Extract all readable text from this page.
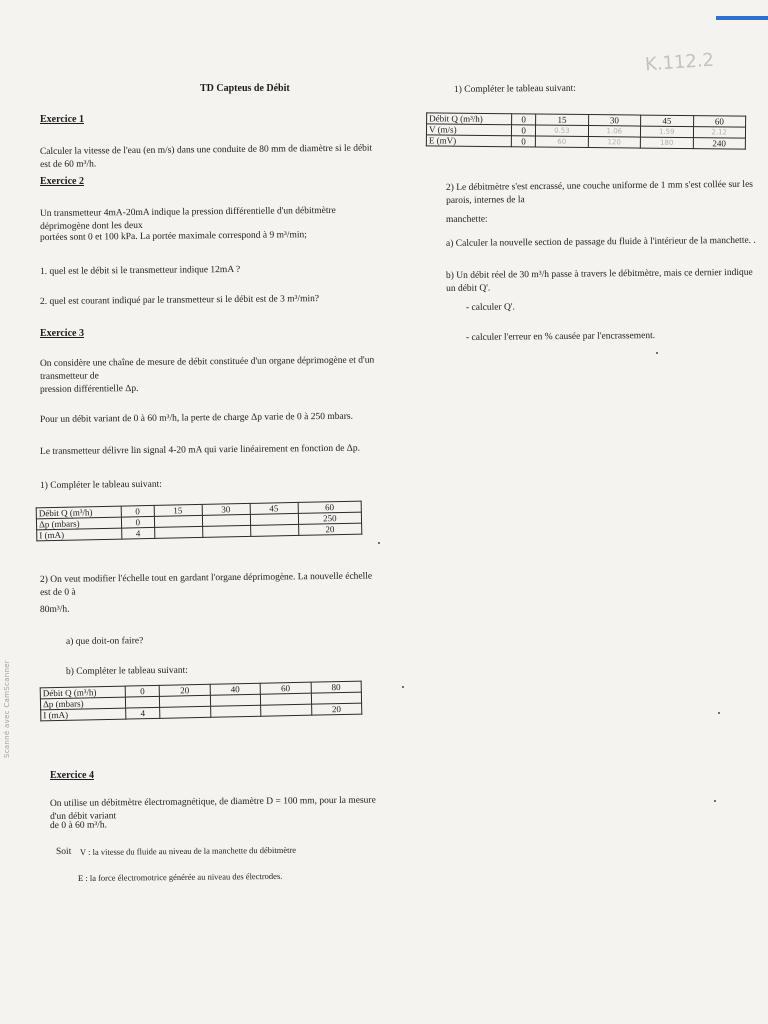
K.112.2
Scanné avec CamScanner
TD Capteus de Débit
Exercice 1
Calculer la vitesse de l'eau (en m/s) dans une conduite de 80 mm de diamètre si le débit est de 60 m³/h.
Exercice 2
Un transmetteur 4mA-20mA indique la pression différentielle d'un débitmètre déprimogène dont les deux
portées sont 0 et 100 kPa. La portée maximale correspond à 9 m³/min;
1. quel est le débit si le transmetteur indique 12mA ?
2. quel est courant indiqué par le transmetteur si le débit est de 3 m³/min?
Exercice 3
On considère une chaîne de mesure de débit constituée d'un organe déprimogène et d'un transmetteur de
pression différentielle Δp.
Pour un débit variant de 0 à 60 m³/h, la perte de charge Δp varie de 0 à 250 mbars.
Le transmetteur délivre lin signal 4-20 mA qui varie linéairement en fonction de Δp.
1) Compléter le tableau suivant:
Débit Q (m³/h)	0	15	30	45	60
Δp (mbars)	0				250
I (mA)	4				20
2) On veut modifier l'échelle tout en gardant l'organe déprimogène. La nouvelle échelle est de 0 à
80m³/h.
a) que doit-on faire?
b) Compléter le tableau suivant:
Débit Q (m³/h)	0	20	40	60	80
Δp (mbars)					
I (mA)	4				20
Exercice 4
On utilise un débitmètre électromagnétique, de diamètre D = 100 mm, pour la mesure d'un débit variant
de 0 à 60 m³/h.
Soit V : la vitesse du fluide au niveau de la manchette du débitmètre
E : la force électromotrice générée au niveau des électrodes.
1) Compléter le tableau suivant:
Débit Q (m³/h)	0	15	30	45	60
V (m/s)	0	0.53	1.06	1.59	2.12
E (mV)	0	60	120	180	240
2) Le débitmètre s'est encrassé, une couche uniforme de 1 mm s'est collée sur les parois, internes de la
manchette:
a) Calculer la nouvelle section de passage du fluide à l'intérieur de la manchette. .
b) Un débit réel de 30 m³/h passe à travers le débitmètre, mais ce dernier indique un débit Q'.
- calculer Q'.
- calculer l'erreur en % causée par l'encrassement.
